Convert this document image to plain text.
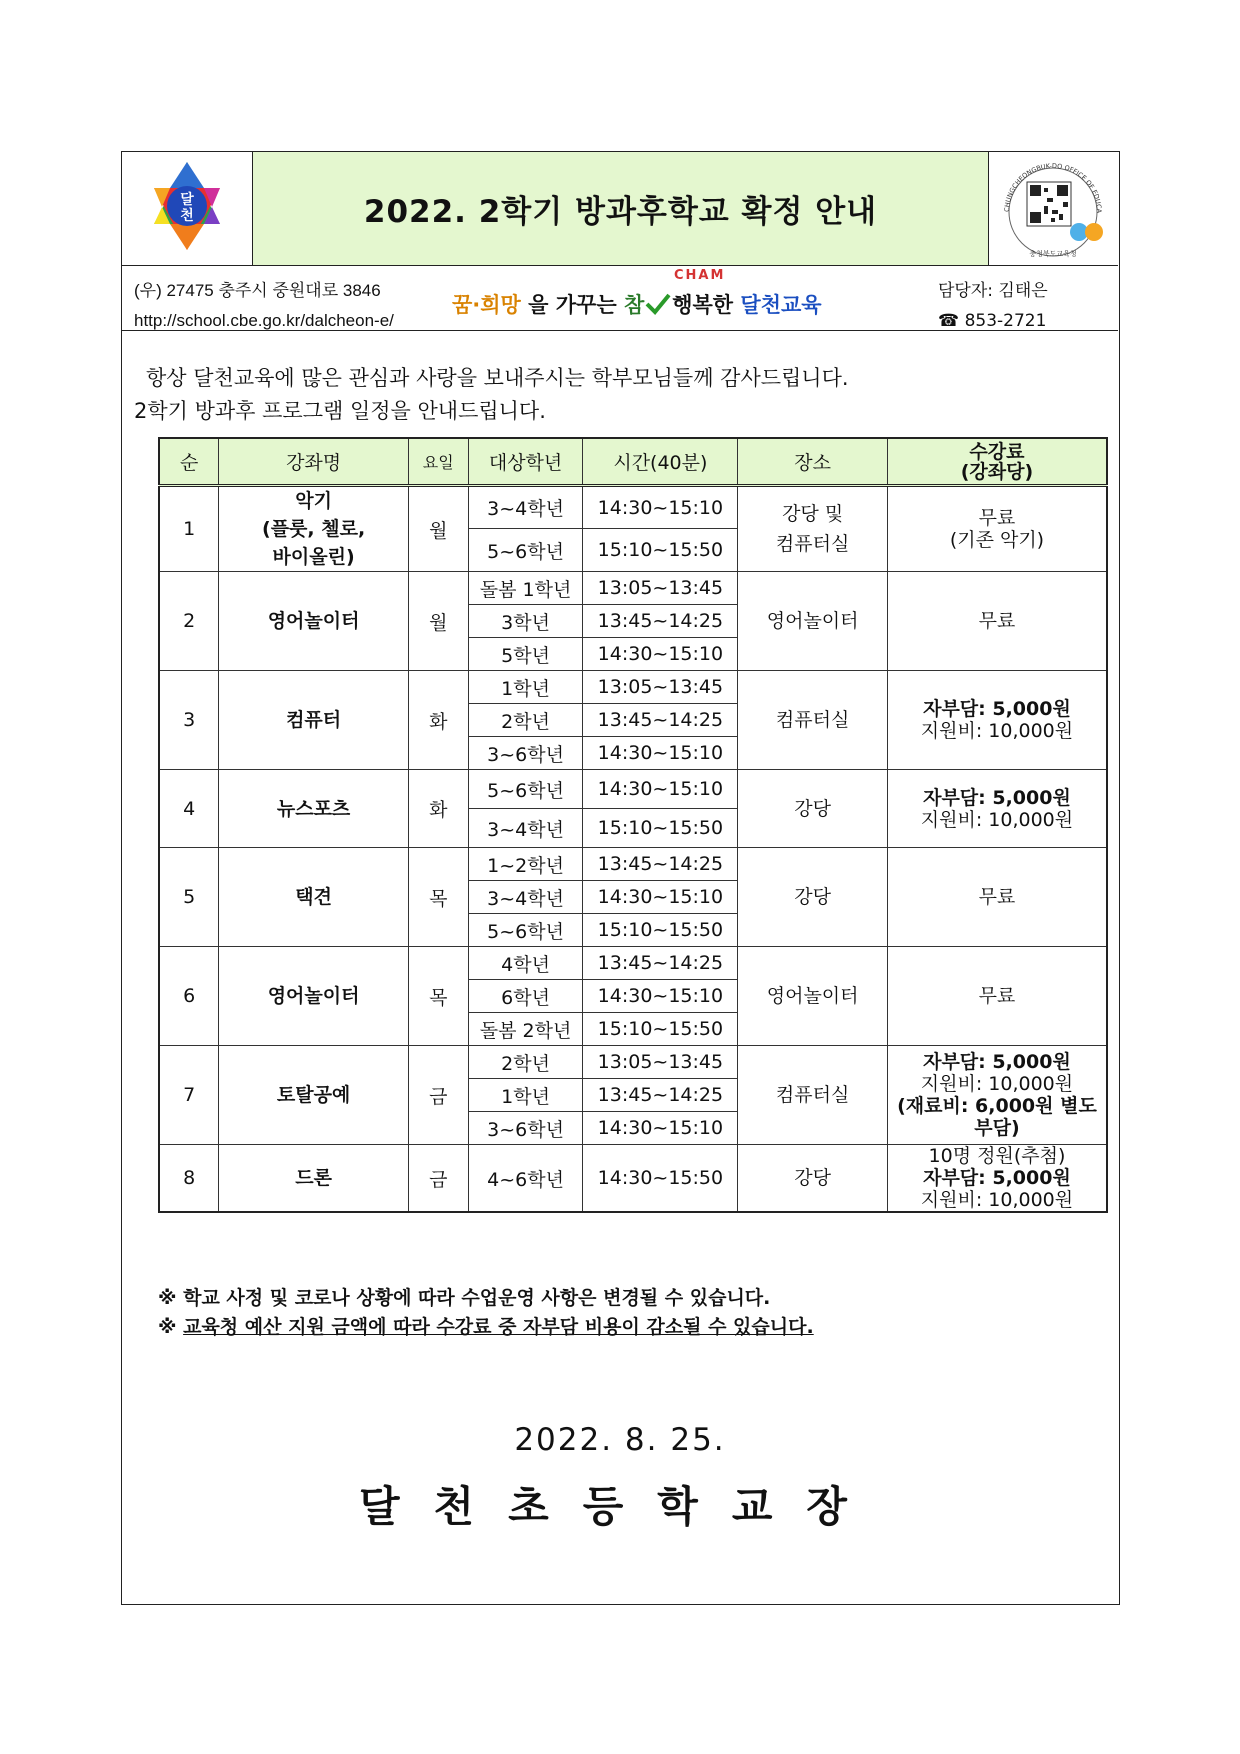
달
천	2022. 2학기 방과후학교 확정 안내	CHUNGCHEONGBUK-DO OFFICE OF EDUCA
충청북도교육청
(우) 27475 충주시 중원대로 3846
http://school.cbe.go.kr/dalcheon-e/
꿈·희망
을 가꾸는
참
CHAM
행복한
달천교육
담당자: 김태은
☎ 853-2721

항상 달천교육에 많은 관심과 사랑을 보내주시는 학부모님들께 감사드립니다.

2학기 방과후 프로그램 일정을 안내드립니다.

순	강좌명	요일	대상학년	시간(40분)	장소	수강료
(강좌당)
1	악기
(플룻, 첼로,
바이올린)	월	3~4학년	14:30~15:10	강당 및
컴퓨터실	무료
(기존 악기)

			5~6학년	15:10~15:50		
2	영어놀이터	월	돌봄 1학년	13:05~13:45	영어놀이터	무료

			3학년	13:45~14:25		
			5학년	14:30~15:10		
3	컴퓨터	화	1학년	13:05~13:45	컴퓨터실	자부담: 5,000원
지원비: 10,000원

			2학년	13:45~14:25		
			3~6학년	14:30~15:10		
4	뉴스포츠	화	5~6학년	14:30~15:10	강당	자부담: 5,000원
지원비: 10,000원

			3~4학년	15:10~15:50		
5	택견	목	1~2학년	13:45~14:25	강당	무료

			3~4학년	14:30~15:10		
			5~6학년	15:10~15:50		
6	영어놀이터	목	4학년	13:45~14:25	영어놀이터	무료

			6학년	14:30~15:10		
			돌봄 2학년	15:10~15:50		
7	토탈공예	금	2학년	13:05~13:45	컴퓨터실	자부담: 5,000원
지원비: 10,000원
(재료비: 6,000원 별도
부담)

			1학년	13:45~14:25		
			3~6학년	14:30~15:10		
8	드론	금	4~6학년	14:30~15:50	강당	10명 정원(추첨)
자부담: 5,000원
지원비: 10,000원

※ 학교 사정 및 코로나 상황에 따라 수업운영 사항은 변경될 수 있습니다.

※ 교육청 예산 지원 금액에 따라 수강료 중 자부담 비용이 감소될 수 있습니다.

2022. 8. 25.
달천초등학교장
